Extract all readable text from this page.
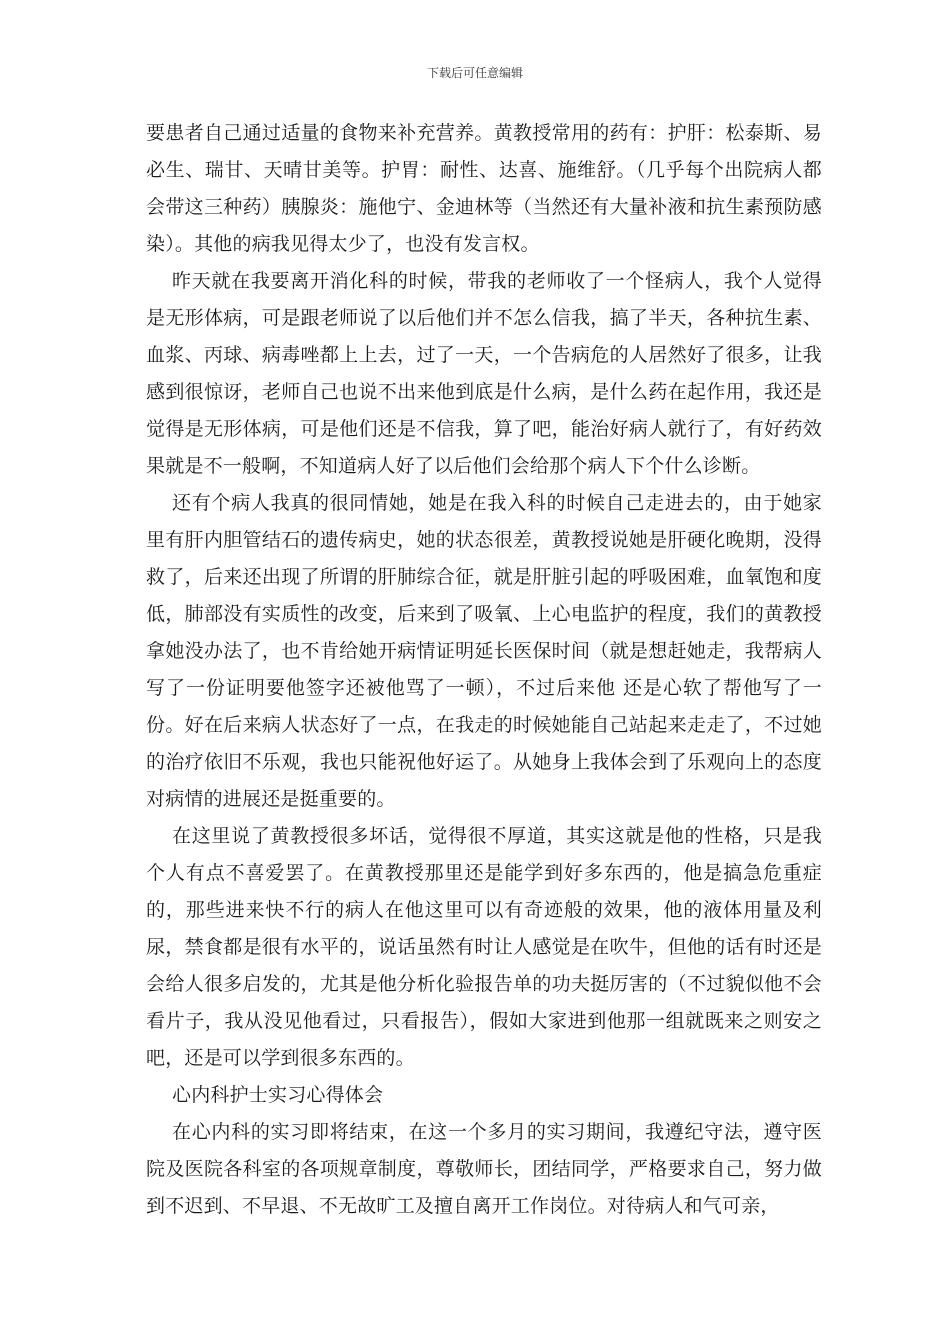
下载后可任意编辑

要患者自己通过适量的食物来补充营养。黄教授常用的药有：护肝：松泰斯、易必生、瑞甘、天晴甘美等。护胃：耐性、达喜、施维舒。（几乎每个出院病人都会带这三种药）胰腺炎：施他宁、金迪林等（当然还有大量补液和抗生素预防感染）。其他的病我见得太少了，也没有发言权。

昨天就在我要离开消化科的时候，带我的老师收了一个怪病人，我个人觉得是无形体病，可是跟老师说了以后他们并不怎么信我，搞了半天，各种抗生素、血浆、丙球、病毒唑都上上去，过了一天，一个告病危的人居然好了很多，让我感到很惊讶，老师自己也说不出来他到底是什么病，是什么药在起作用，我还是觉得是无形体病，可是他们还是不信我，算了吧，能治好病人就行了，有好药效果就是不一般啊，不知道病人好了以后他们会给那个病人下个什么诊断。

还有个病人我真的很同情她，她是在我入科的时候自己走进去的，由于她家里有肝内胆管结石的遗传病史，她的状态很差，黄教授说她是肝硬化晚期，没得救了，后来还出现了所谓的肝肺综合征，就是肝脏引起的呼吸困难，血氧饱和度低，肺部没有实质性的改变，后来到了吸氧、上心电监护的程度，我们的黄教授拿她没办法了，也不肯给她开病情证明延长医保时间（就是想赶她走，我帮病人写了一份证明要他签字还被他骂了一顿），不过后来他 还是心软了帮他写了一份。好在后来病人状态好了一点，在我走的时候她能自己站起来走走了，不过她的治疗依旧不乐观，我也只能祝他好运了。从她身上我体会到了乐观向上的态度对病情的进展还是挺重要的。

在这里说了黄教授很多坏话，觉得很不厚道，其实这就是他的性格，只是我个人有点不喜爱罢了。在黄教授那里还是能学到好多东西的，他是搞急危重症的，那些进来快不行的病人在他这里可以有奇迹般的效果，他的液体用量及利尿，禁食都是很有水平的，说话虽然有时让人感觉是在吹牛，但他的话有时还是会给人很多启发的，尤其是他分析化验报告单的功夫挺厉害的（不过貌似他不会看片子，我从没见他看过，只看报告），假如大家进到他那一组就既来之则安之吧，还是可以学到很多东西的。

心内科护士实习心得体会

在心内科的实习即将结束，在这一个多月的实习期间，我遵纪守法，遵守医院及医院各科室的各项规章制度，尊敬师长，团结同学，严格要求自己，努力做到不迟到、不早退、不无故旷工及擅自离开工作岗位。对待病人和气可亲，
